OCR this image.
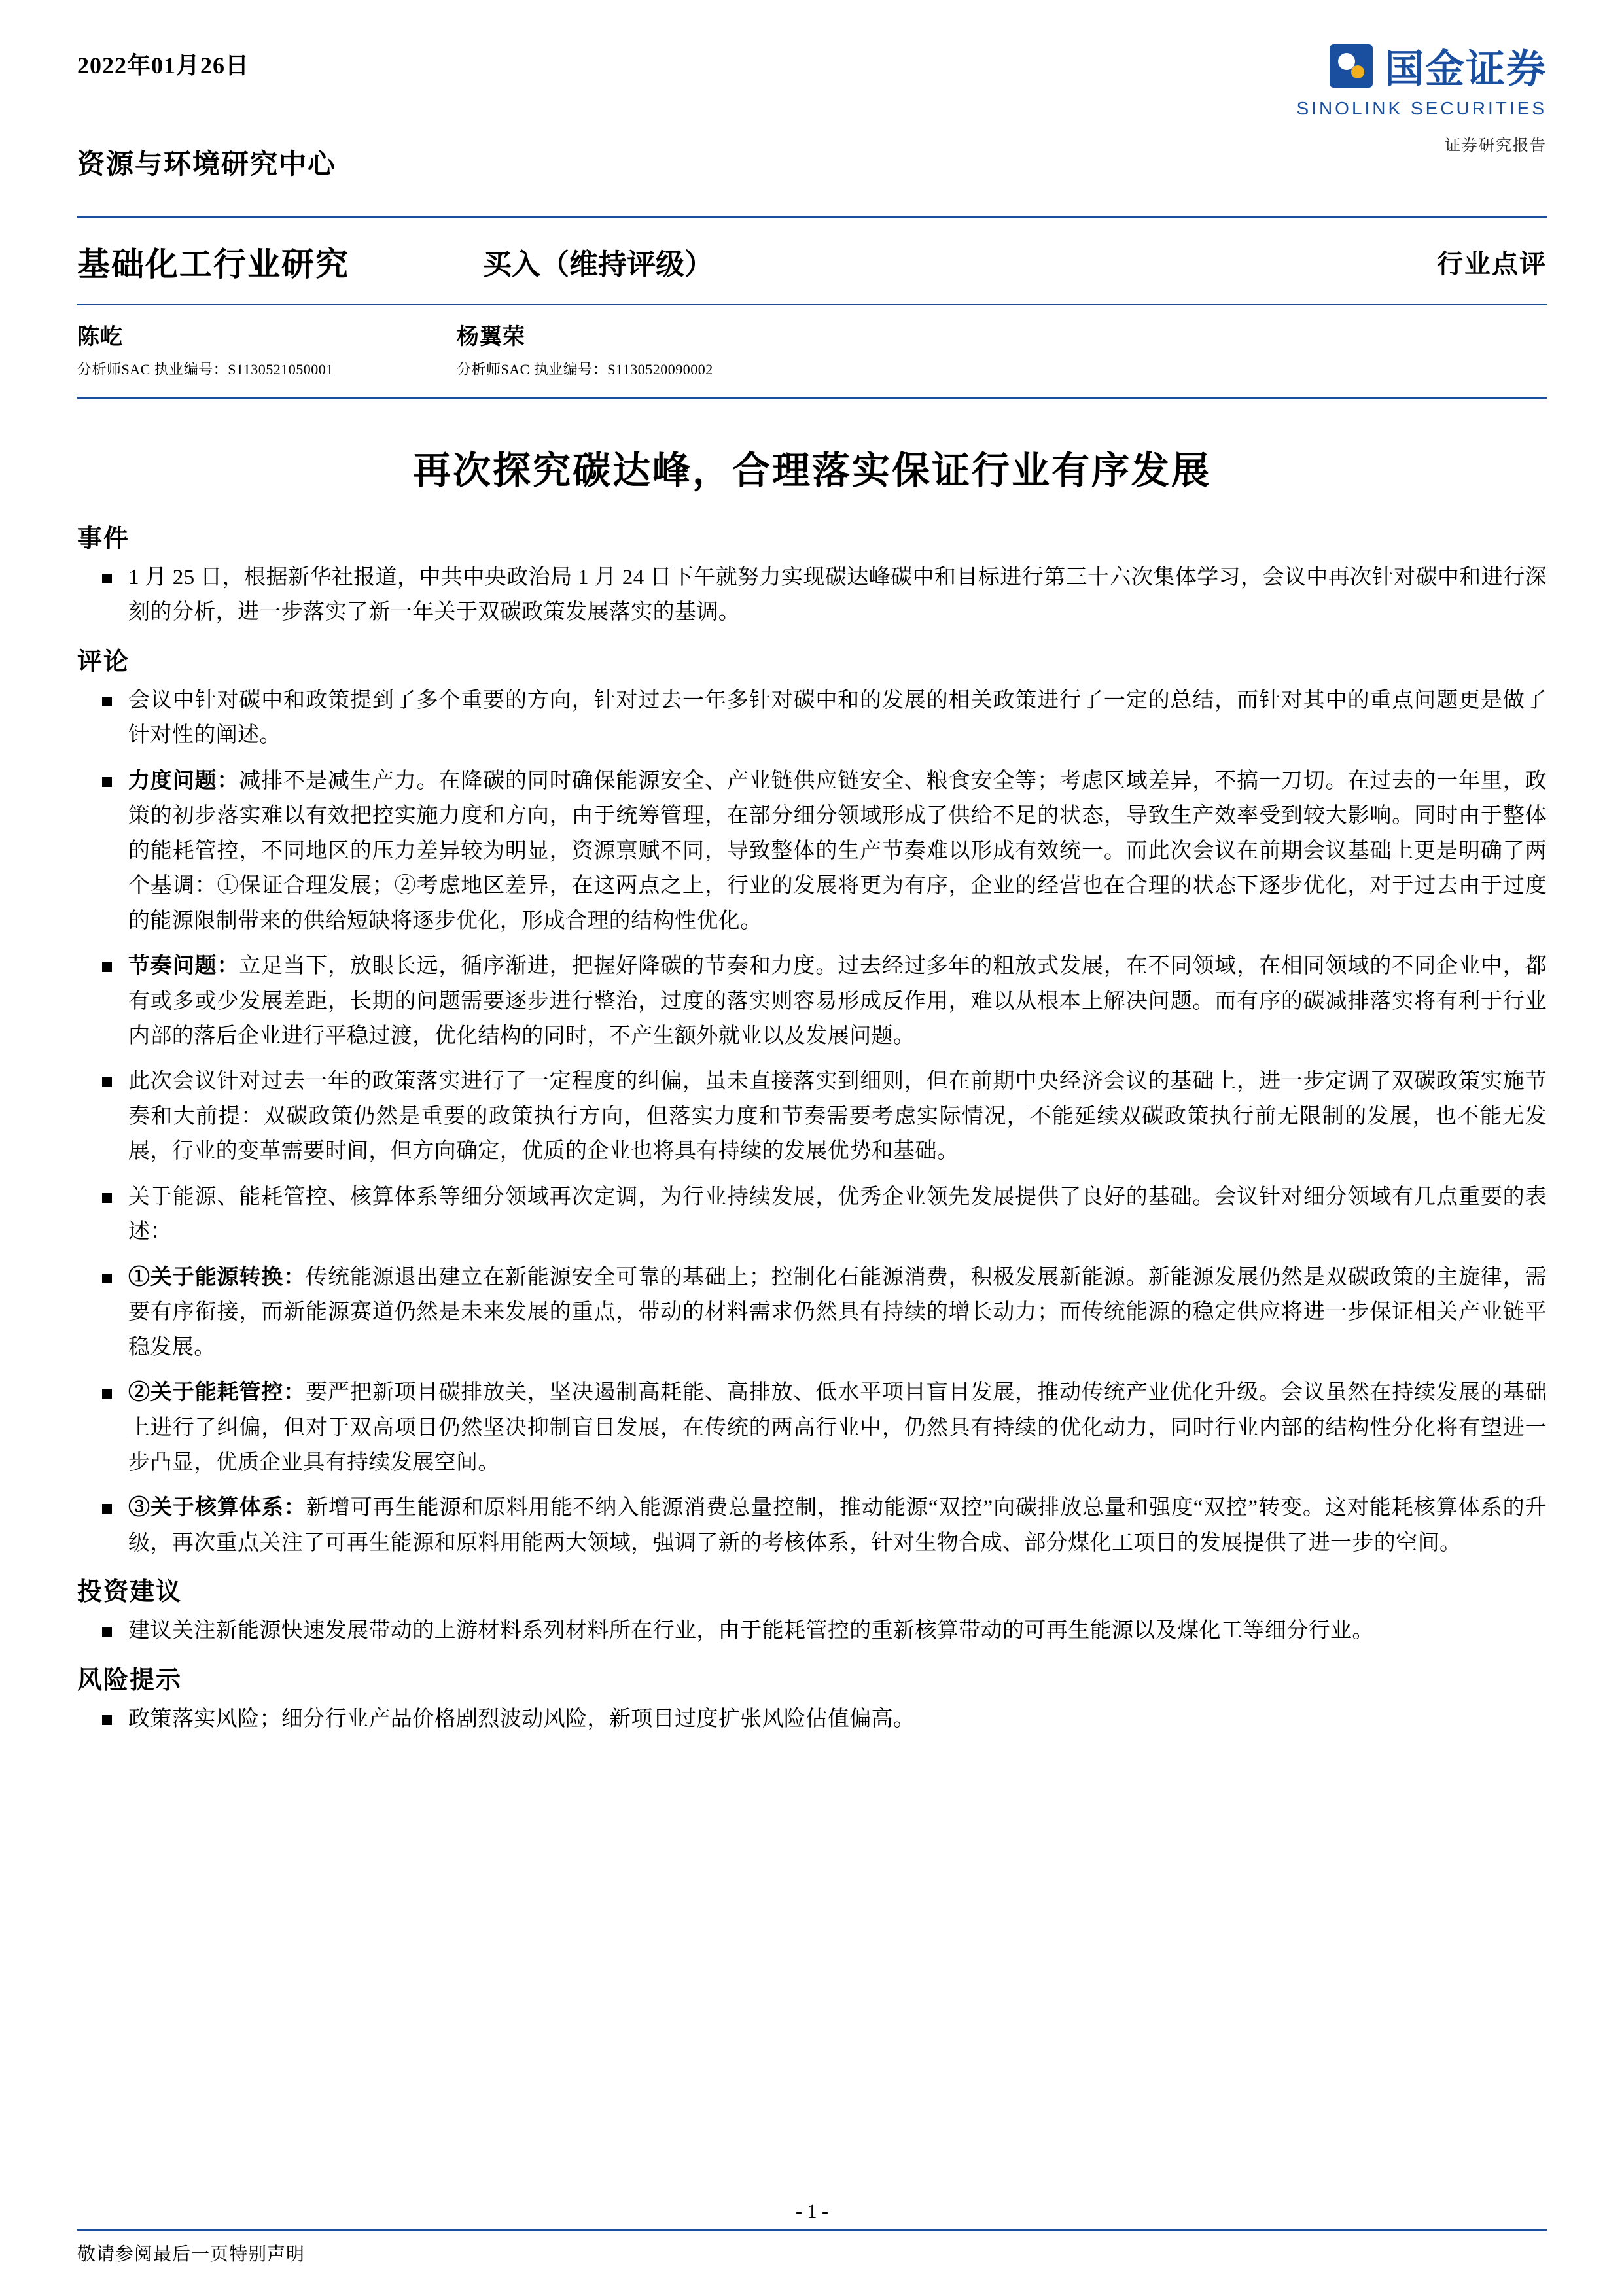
2022年01月26日
资源与环境研究中心
国金证券
SINOLINK SECURITIES
证券研究报告
基础化工行业研究	买入（维持评级）	行业点评
陈屹
分析师SAC 执业编号：S1130521050001
杨翼荣
分析师SAC 执业编号：S1130520090002
再次探究碳达峰，合理落实保证行业有序发展
事件
1 月 25 日，根据新华社报道，中共中央政治局 1 月 24 日下午就努力实现碳达峰碳中和目标进行第三十六次集体学习，会议中再次针对碳中和进行深刻的分析，进一步落实了新一年关于双碳政策发展落实的基调。
评论
会议中针对碳中和政策提到了多个重要的方向，针对过去一年多针对碳中和的发展的相关政策进行了一定的总结，而针对其中的重点问题更是做了针对性的阐述。
力度问题：减排不是减生产力。在降碳的同时确保能源安全、产业链供应链安全、粮食安全等；考虑区域差异，不搞一刀切。在过去的一年里，政策的初步落实难以有效把控实施力度和方向，由于统筹管理，在部分细分领域形成了供给不足的状态，导致生产效率受到较大影响。同时由于整体的能耗管控，不同地区的压力差异较为明显，资源禀赋不同，导致整体的生产节奏难以形成有效统一。而此次会议在前期会议基础上更是明确了两个基调：①保证合理发展；②考虑地区差异，在这两点之上，行业的发展将更为有序，企业的经营也在合理的状态下逐步优化，对于过去由于过度的能源限制带来的供给短缺将逐步优化，形成合理的结构性优化。
节奏问题：立足当下，放眼长远，循序渐进，把握好降碳的节奏和力度。过去经过多年的粗放式发展，在不同领域，在相同领域的不同企业中，都有或多或少发展差距，长期的问题需要逐步进行整治，过度的落实则容易形成反作用，难以从根本上解决问题。而有序的碳减排落实将有利于行业内部的落后企业进行平稳过渡，优化结构的同时，不产生额外就业以及发展问题。
此次会议针对过去一年的政策落实进行了一定程度的纠偏，虽未直接落实到细则，但在前期中央经济会议的基础上，进一步定调了双碳政策实施节奏和大前提：双碳政策仍然是重要的政策执行方向，但落实力度和节奏需要考虑实际情况，不能延续双碳政策执行前无限制的发展，也不能无发展，行业的变革需要时间，但方向确定，优质的企业也将具有持续的发展优势和基础。
关于能源、能耗管控、核算体系等细分领域再次定调，为行业持续发展，优秀企业领先发展提供了良好的基础。会议针对细分领域有几点重要的表述：
①关于能源转换：传统能源退出建立在新能源安全可靠的基础上；控制化石能源消费，积极发展新能源。新能源发展仍然是双碳政策的主旋律，需要有序衔接，而新能源赛道仍然是未来发展的重点，带动的材料需求仍然具有持续的增长动力；而传统能源的稳定供应将进一步保证相关产业链平稳发展。
②关于能耗管控：要严把新项目碳排放关，坚决遏制高耗能、高排放、低水平项目盲目发展，推动传统产业优化升级。会议虽然在持续发展的基础上进行了纠偏，但对于双高项目仍然坚决抑制盲目发展，在传统的两高行业中，仍然具有持续的优化动力，同时行业内部的结构性分化将有望进一步凸显，优质企业具有持续发展空间。
③关于核算体系：新增可再生能源和原料用能不纳入能源消费总量控制，推动能源“双控”向碳排放总量和强度“双控”转变。这对能耗核算体系的升级，再次重点关注了可再生能源和原料用能两大领域，强调了新的考核体系，针对生物合成、部分煤化工项目的发展提供了进一步的空间。
投资建议
建议关注新能源快速发展带动的上游材料系列材料所在行业，由于能耗管控的重新核算带动的可再生能源以及煤化工等细分行业。
风险提示
政策落实风险；细分行业产品价格剧烈波动风险，新项目过度扩张风险估值偏高。
- 1 -
敬请参阅最后一页特别声明
